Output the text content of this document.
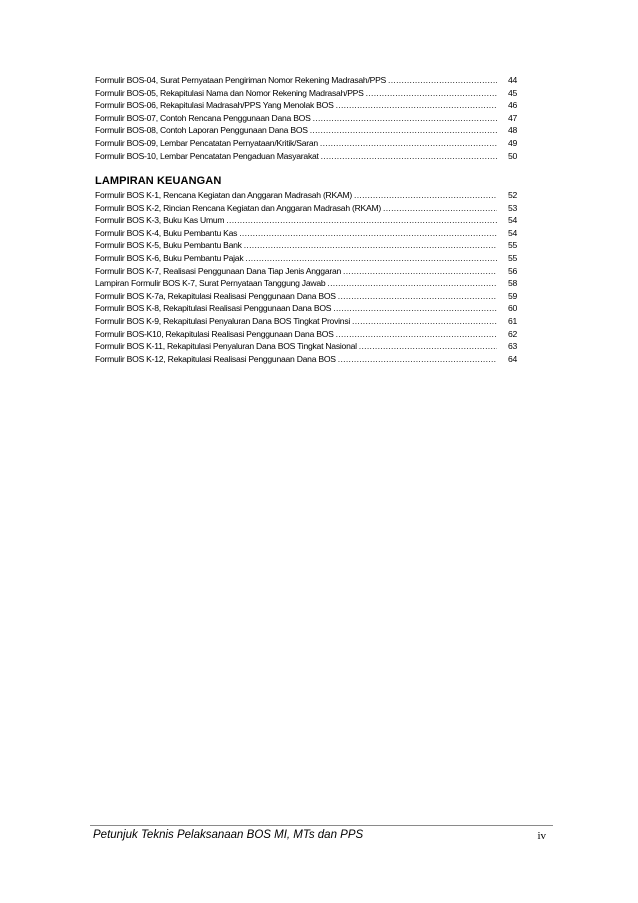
Formulir BOS-04, Surat Pernyataan Pengiriman Nomor Rekening Madrasah/PPS .....	44
Formulir BOS-05, Rekapitulasi Nama dan Nomor Rekening Madrasah/PPS .....	45
Formulir BOS-06, Rekapitulasi Madrasah/PPS Yang Menolak BOS .....	46
Formulir BOS-07, Contoh Rencana Penggunaan Dana BOS .....	47
Formulir BOS-08, Contoh Laporan Penggunaan Dana BOS .....	48
Formulir BOS-09, Lembar Pencatatan Pernyataan/Kritik/Saran .....	49
Formulir BOS-10, Lembar Pencatatan Pengaduan Masyarakat .....	50
LAMPIRAN KEUANGAN
Formulir BOS K-1, Rencana Kegiatan dan Anggaran Madrasah (RKAM) .....	52
Formulir BOS K-2, Rincian Rencana Kegiatan dan Anggaran Madrasah (RKAM) .....	53
Formulir BOS K-3, Buku Kas Umum .....	54
Formulir BOS K-4, Buku Pembantu Kas .....	54
Formulir BOS K-5, Buku Pembantu Bank .....	55
Formulir BOS K-6, Buku Pembantu Pajak .....	55
Formulir BOS K-7, Realisasi Penggunaan Dana Tiap Jenis Anggaran .....	56
Lampiran Formulir BOS K-7, Surat Pernyataan Tanggung Jawab .....	58
Formulir BOS K-7a, Rekapitulasi Realisasi Penggunaan Dana BOS .....	59
Formulir BOS K-8, Rekapitulasi Realisasi Penggunaan Dana BOS .....	60
Formulir BOS K-9, Rekapitulasi Penyaluran Dana BOS Tingkat Provinsi .....	61
Formulir BOS-K10, Rekapitulasi Realisasi Penggunaan Dana BOS .....	62
Formulir BOS K-11, Rekapitulasi Penyaluran Dana BOS Tingkat Nasional .....	63
Formulir BOS K-12, Rekapitulasi Realisasi Penggunaan Dana BOS .....	64
Petunjuk Teknis Pelaksanaan BOS MI, MTs dan PPS	iv
